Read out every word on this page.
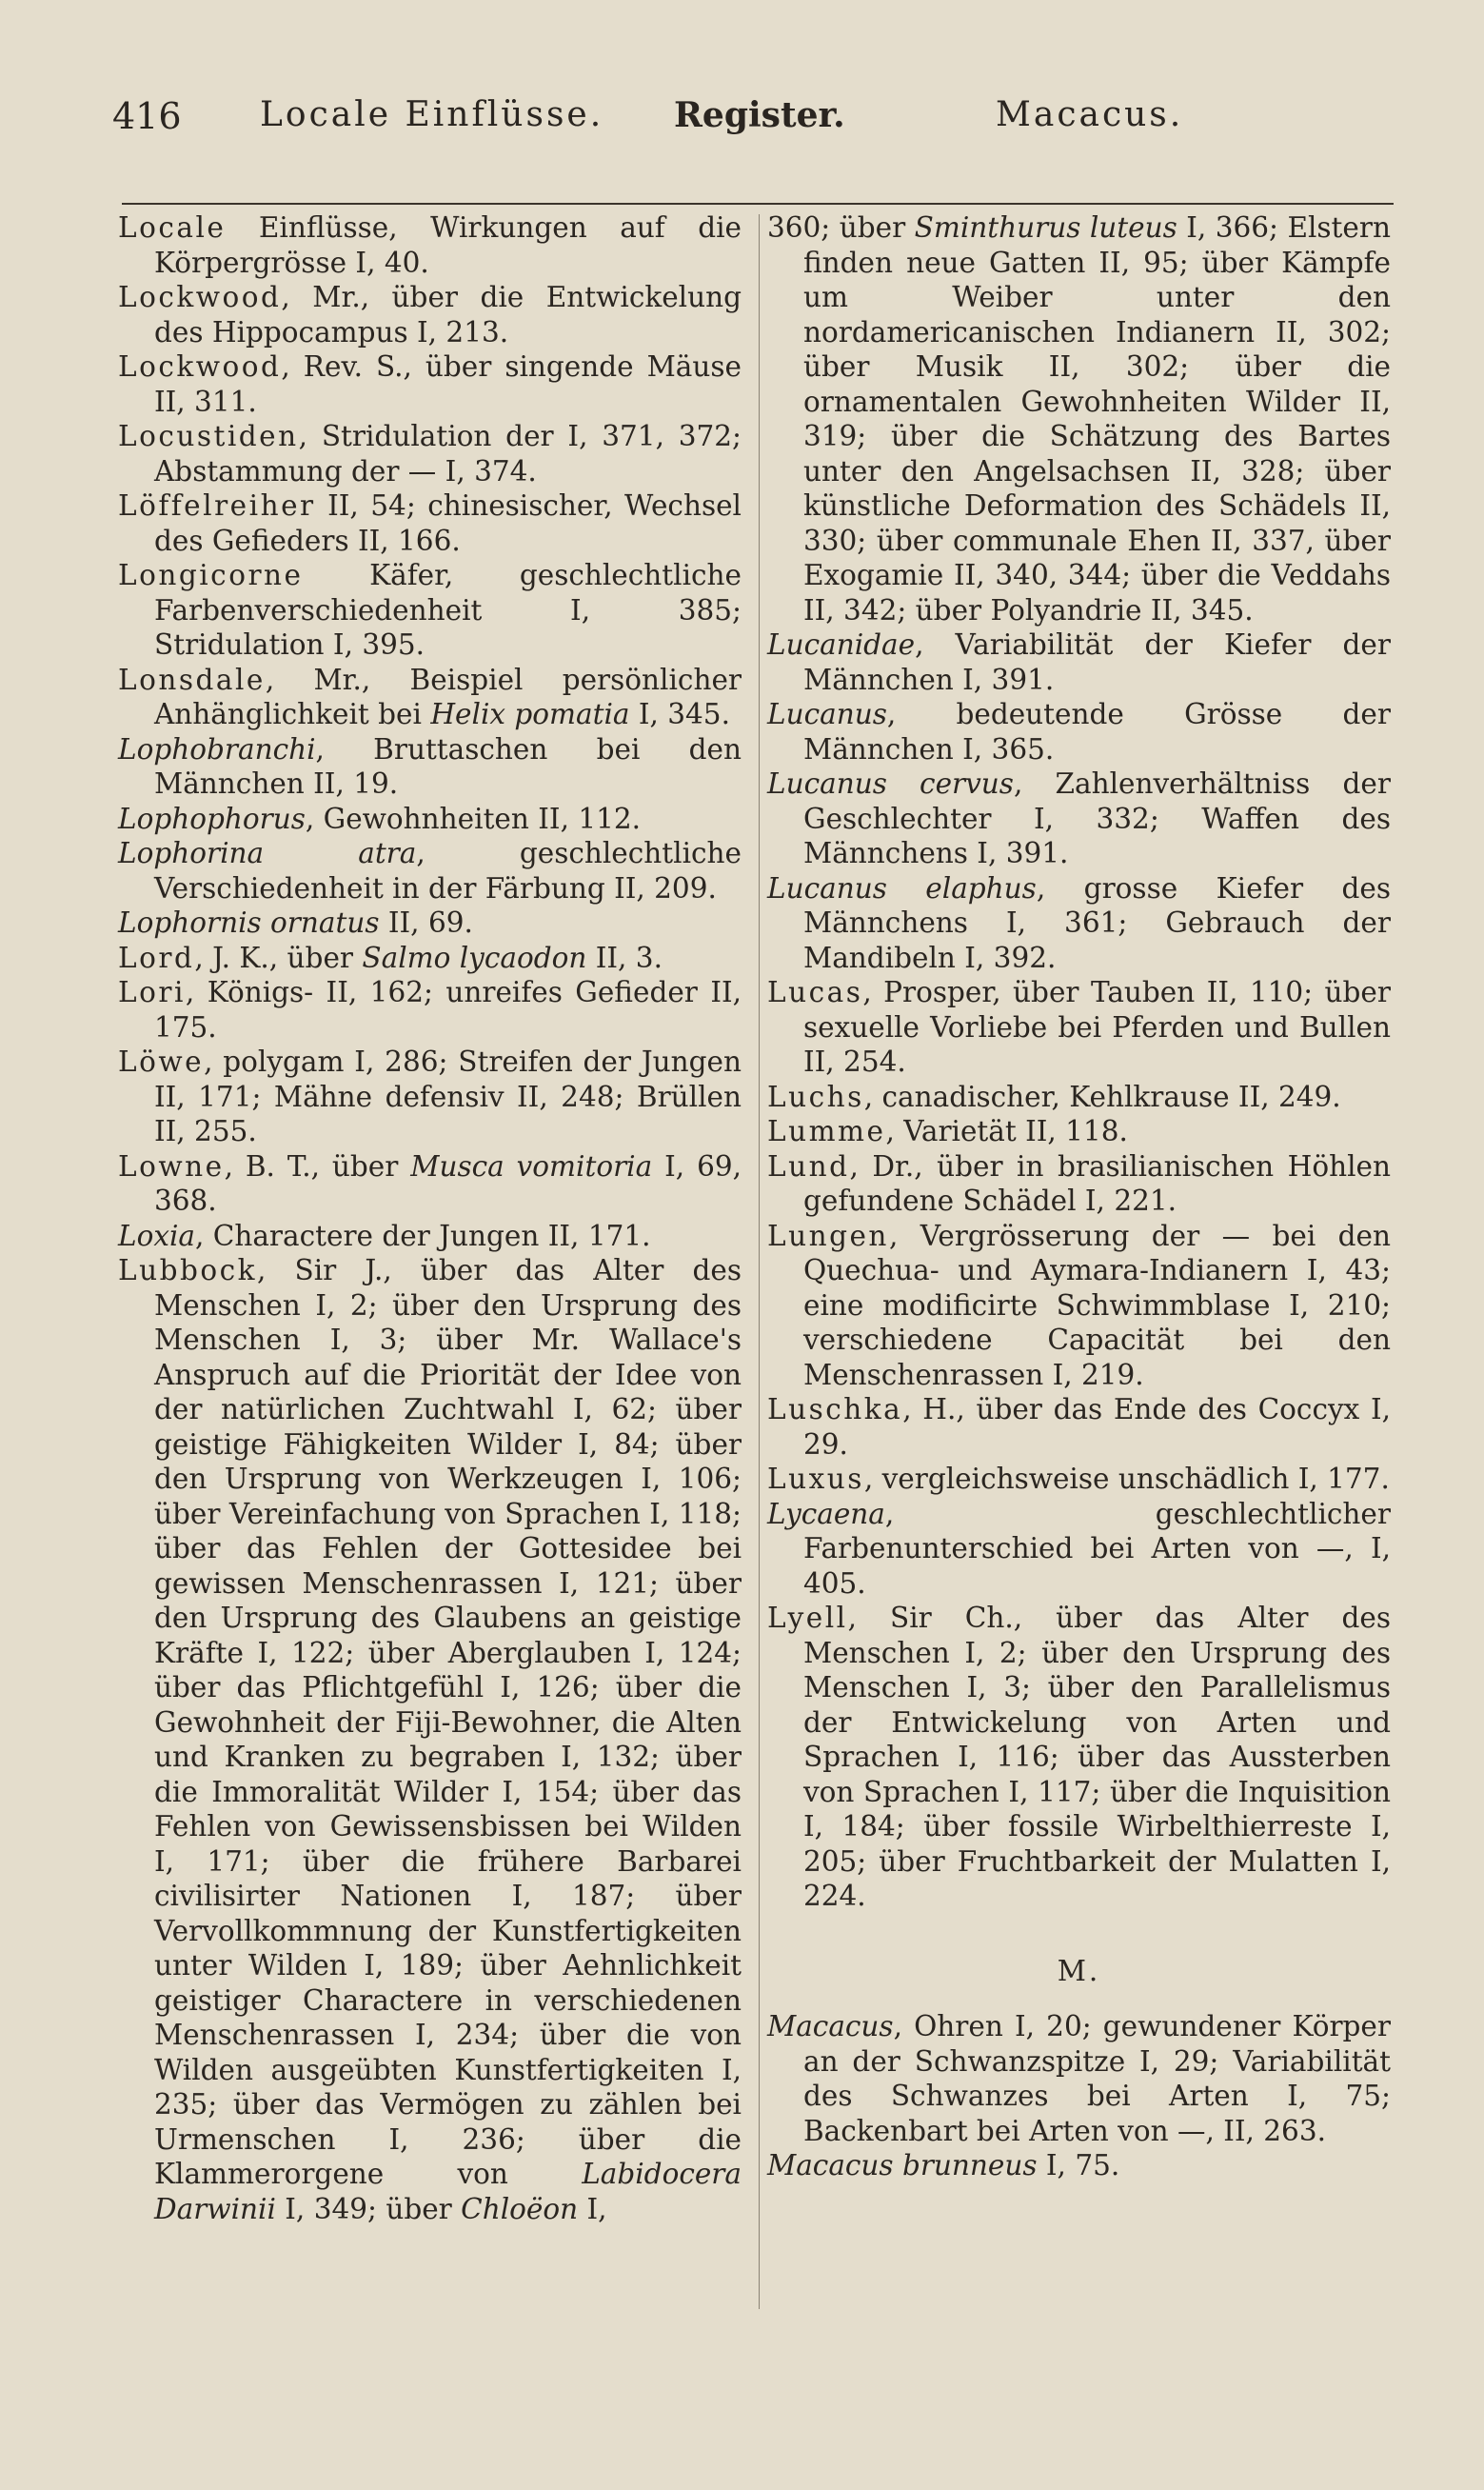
416 Locale Einflüsse. Register.	Macacus.

Locale Einflüsse, Wirkungen auf die Körpergrösse I, 40.

Lockwood, Mr., über die Entwickelung des Hippocampus I, 213.

Lockwood, Rev. S., über singende Mäuse II, 311.

Locustiden, Stridulation der I, 371, 372; Abstammung der — I, 374.

Löffelreiher II, 54; chinesischer, Wechsel des Gefieders II, 166.

Longicorne Käfer, geschlechtliche Farbenverschiedenheit I, 385; Stridulation I, 395.

Lonsdale, Mr., Beispiel persönlicher Anhänglichkeit bei Helix pomatia I, 345.

Lophobranchi, Bruttaschen bei den Männchen II, 19.

Lophophorus, Gewohnheiten II, 112.

Lophorina atra, geschlechtliche Verschiedenheit in der Färbung II, 209.

Lophornis ornatus II, 69.

Lord, J. K., über Salmo lycaodon II, 3.

Lori, Königs- II, 162; unreifes Gefieder II, 175.

Löwe, polygam I, 286; Streifen der Jungen II, 171; Mähne defensiv II, 248; Brüllen II, 255.

Lowne, B. T., über Musca vomitoria I, 69, 368.

Loxia, Charactere der Jungen II, 171.

Lubbock, Sir J., über das Alter des Menschen I, 2; über den Ursprung des Menschen I, 3; über Mr. Wallace's Anspruch auf die Priorität der Idee von der natürlichen Zuchtwahl I, 62; über geistige Fähigkeiten Wilder I, 84; über den Ursprung von Werkzeugen I, 106; über Vereinfachung von Sprachen I, 118; über das Fehlen der Gottesidee bei gewissen Menschenrassen I, 121; über den Ursprung des Glaubens an geistige Kräfte I, 122; über Aberglauben I, 124; über das Pflichtgefühl I, 126; über die Gewohnheit der Fiji-Bewohner, die Alten und Kranken zu begraben I, 132; über die Immoralität Wilder I, 154; über das Fehlen von Gewissensbissen bei Wilden I, 171; über die frühere Barbarei civilisirter Nationen I, 187; über Vervollkommnung der Kunstfertigkeiten unter Wilden I, 189; über Aehnlichkeit geistiger Charactere in verschiedenen Menschenrassen I, 234; über die von Wilden ausgeübten Kunstfertigkeiten I, 235; über das Vermögen zu zählen bei Urmenschen I, 236; über die Klammerorgene von Labidocera Darwinii I, 349; über Chloëon I,

360; über Sminthurus luteus I, 366; Elstern finden neue Gatten II, 95; über Kämpfe um Weiber unter den nordamericanischen Indianern II, 302; über Musik II, 302; über die ornamentalen Gewohnheiten Wilder II, 319; über die Schätzung des Bartes unter den Angelsachsen II, 328; über künstliche Deformation des Schädels II, 330; über communale Ehen II, 337, über Exogamie II, 340, 344; über die Veddahs II, 342; über Polyandrie II, 345.

Lucanidae, Variabilität der Kiefer der Männchen I, 391.

Lucanus, bedeutende Grösse der Männchen I, 365.

Lucanus cervus, Zahlenverhältniss der Geschlechter I, 332; Waffen des Männchens I, 391.

Lucanus elaphus, grosse Kiefer des Männchens I, 361; Gebrauch der Mandibeln I, 392.

Lucas, Prosper, über Tauben II, 110; über sexuelle Vorliebe bei Pferden und Bullen II, 254.

Luchs, canadischer, Kehlkrause II, 249.

Lumme, Varietät II, 118.

Lund, Dr., über in brasilianischen Höhlen gefundene Schädel I, 221.

Lungen, Vergrösserung der — bei den Quechua- und Aymara-Indianern I, 43; eine modificirte Schwimmblase I, 210; verschiedene Capacität bei den Menschenrassen I, 219.

Luschka, H., über das Ende des Coccyx I, 29.

Luxus, vergleichsweise unschädlich I, 177.

Lycaena, geschlechtlicher Farbenunterschied bei Arten von —, I, 405.

Lyell, Sir Ch., über das Alter des Menschen I, 2; über den Ursprung des Menschen I, 3; über den Parallelismus der Entwickelung von Arten und Sprachen I, 116; über das Aussterben von Sprachen I, 117; über die Inquisition I, 184; über fossile Wirbelthierreste I, 205; über Fruchtbarkeit der Mulatten I, 224.

M.

Macacus, Ohren I, 20; gewundener Körper an der Schwanzspitze I, 29; Variabilität des Schwanzes bei Arten I, 75; Backenbart bei Arten von —, II, 263.

Macacus brunneus I, 75.
